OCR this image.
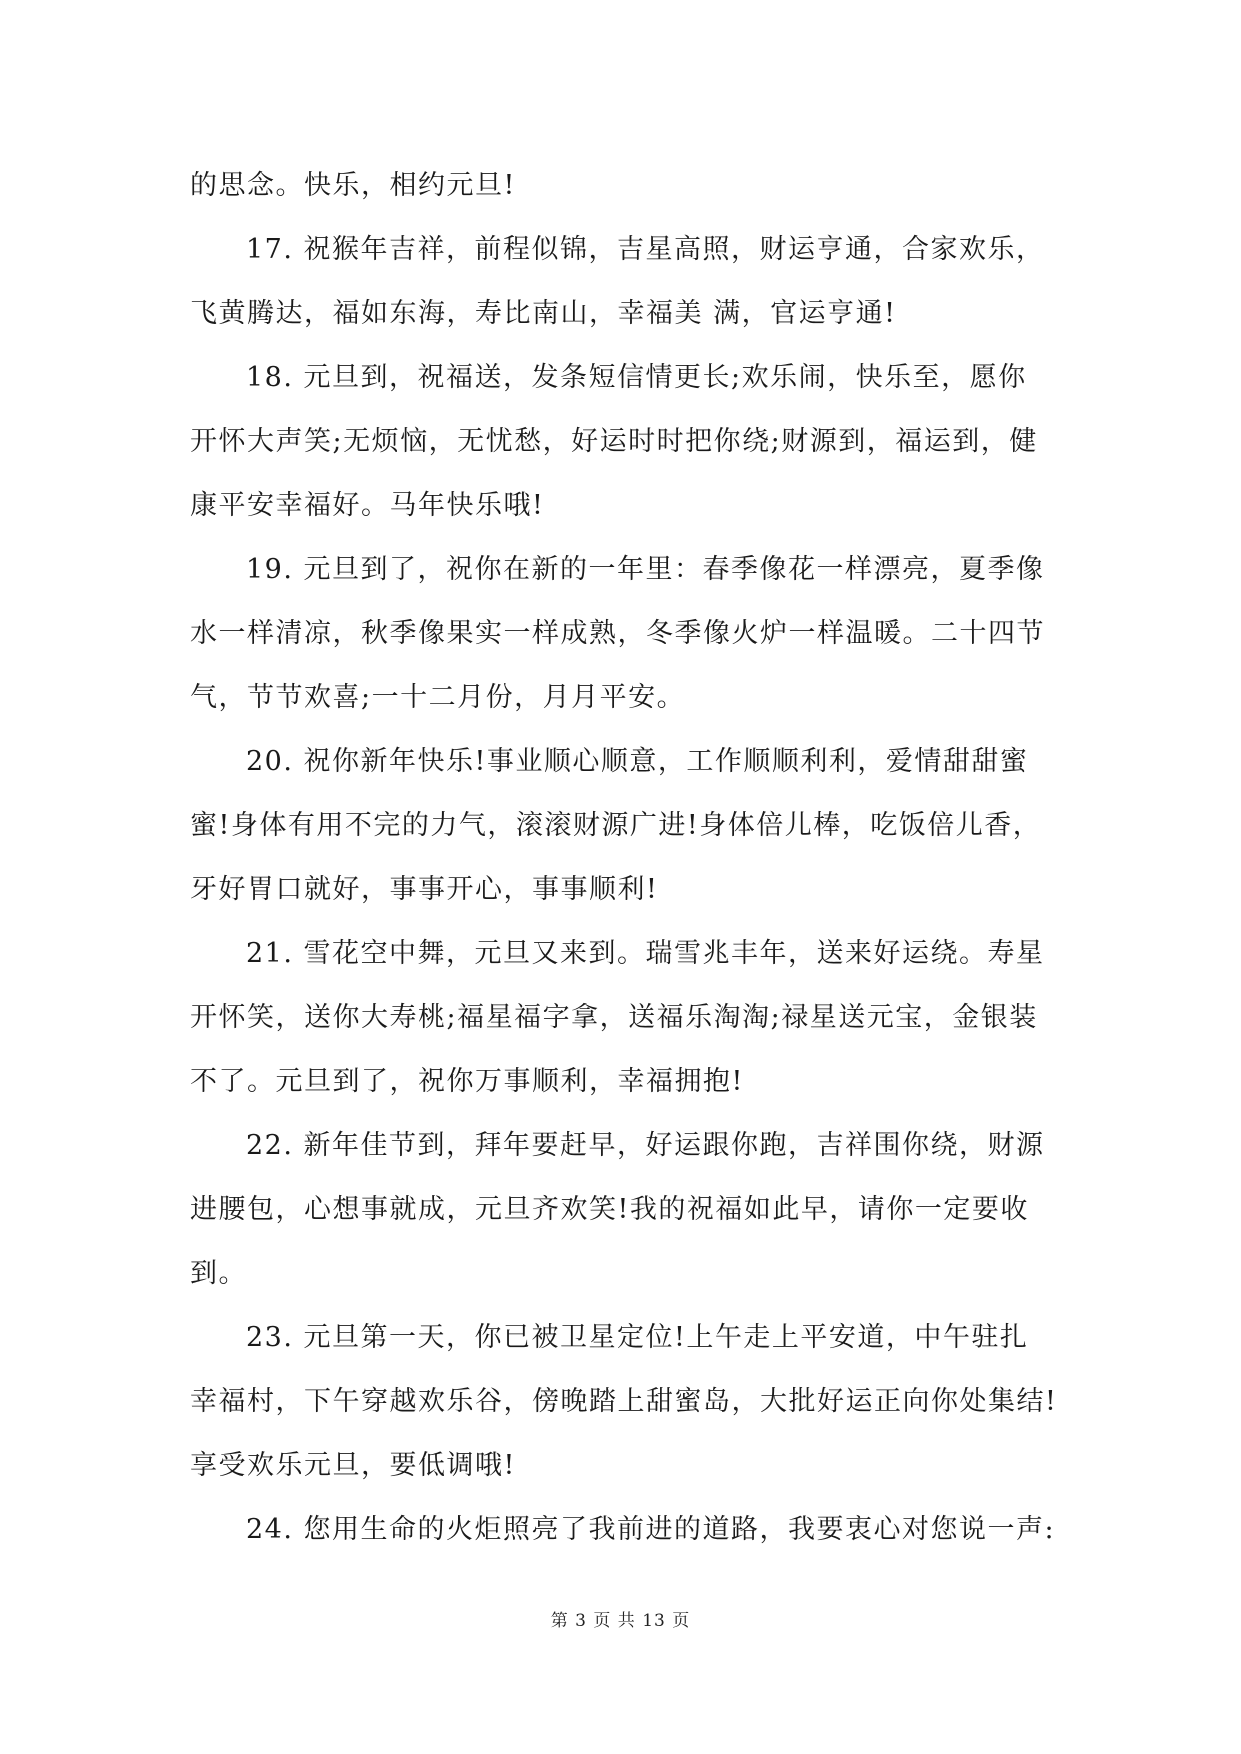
的思念。快乐，相约元旦!
17. 祝猴年吉祥，前程似锦，吉星高照，财运亨通，合家欢乐，
飞黄腾达，福如东海，寿比南山，幸福美 满，官运亨通!
18. 元旦到，祝福送，发条短信情更长;欢乐闹，快乐至，愿你
开怀大声笑;无烦恼，无忧愁，好运时时把你绕;财源到，福运到，健
康平安幸福好。马年快乐哦!
19. 元旦到了，祝你在新的一年里：春季像花一样漂亮，夏季像
水一样清凉，秋季像果实一样成熟，冬季像火炉一样温暖。二十四节
气，节节欢喜;一十二月份，月月平安。
20. 祝你新年快乐!事业顺心顺意，工作顺顺利利，爱情甜甜蜜
蜜!身体有用不完的力气，滚滚财源广进!身体倍儿棒，吃饭倍儿香，
牙好胃口就好，事事开心，事事顺利!
21. 雪花空中舞，元旦又来到。瑞雪兆丰年，送来好运绕。寿星
开怀笑，送你大寿桃;福星福字拿，送福乐淘淘;禄星送元宝，金银装
不了。元旦到了，祝你万事顺利，幸福拥抱!
22. 新年佳节到，拜年要赶早，好运跟你跑，吉祥围你绕，财源
进腰包，心想事就成，元旦齐欢笑!我的祝福如此早，请你一定要收
到。
23. 元旦第一天，你已被卫星定位!上午走上平安道，中午驻扎
幸福村，下午穿越欢乐谷，傍晚踏上甜蜜岛，大批好运正向你处集结!
享受欢乐元旦，要低调哦!
24. 您用生命的火炬照亮了我前进的道路，我要衷心对您说一声:
第 3 页 共 13 页
